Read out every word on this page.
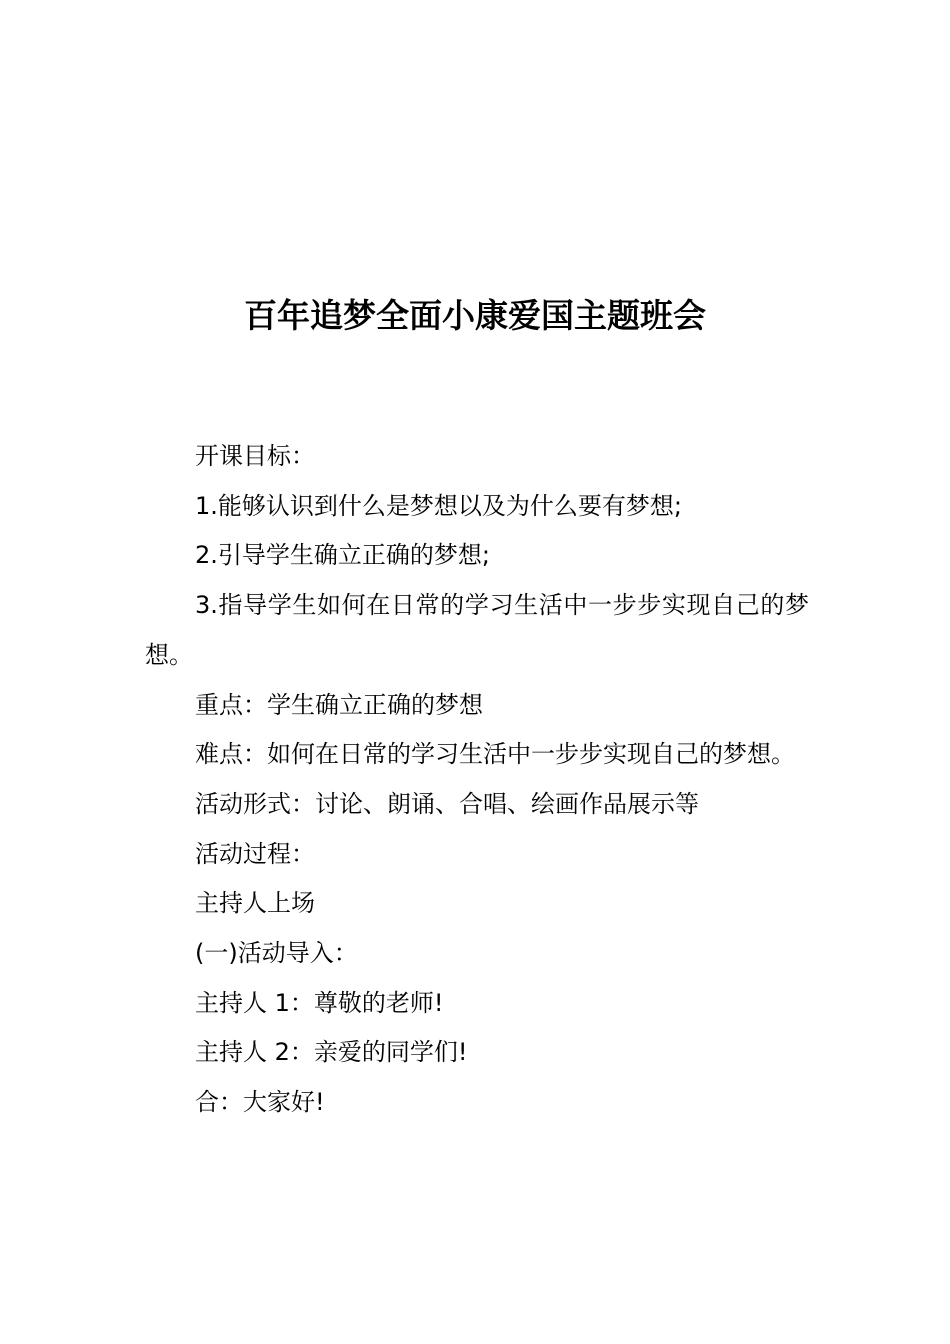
百年追梦全面小康爱国主题班会

开课目标：

1.能够认识到什么是梦想以及为什么要有梦想;

2.引导学生确立正确的梦想;

3.指导学生如何在日常的学习生活中一步步实现自己的梦想。

重点：学生确立正确的梦想

难点：如何在日常的学习生活中一步步实现自己的梦想。

活动形式：讨论、朗诵、合唱、绘画作品展示等

活动过程：

主持人上场

(一)活动导入：

主持人 1：尊敬的老师!

主持人 2：亲爱的同学们!

合：大家好!
